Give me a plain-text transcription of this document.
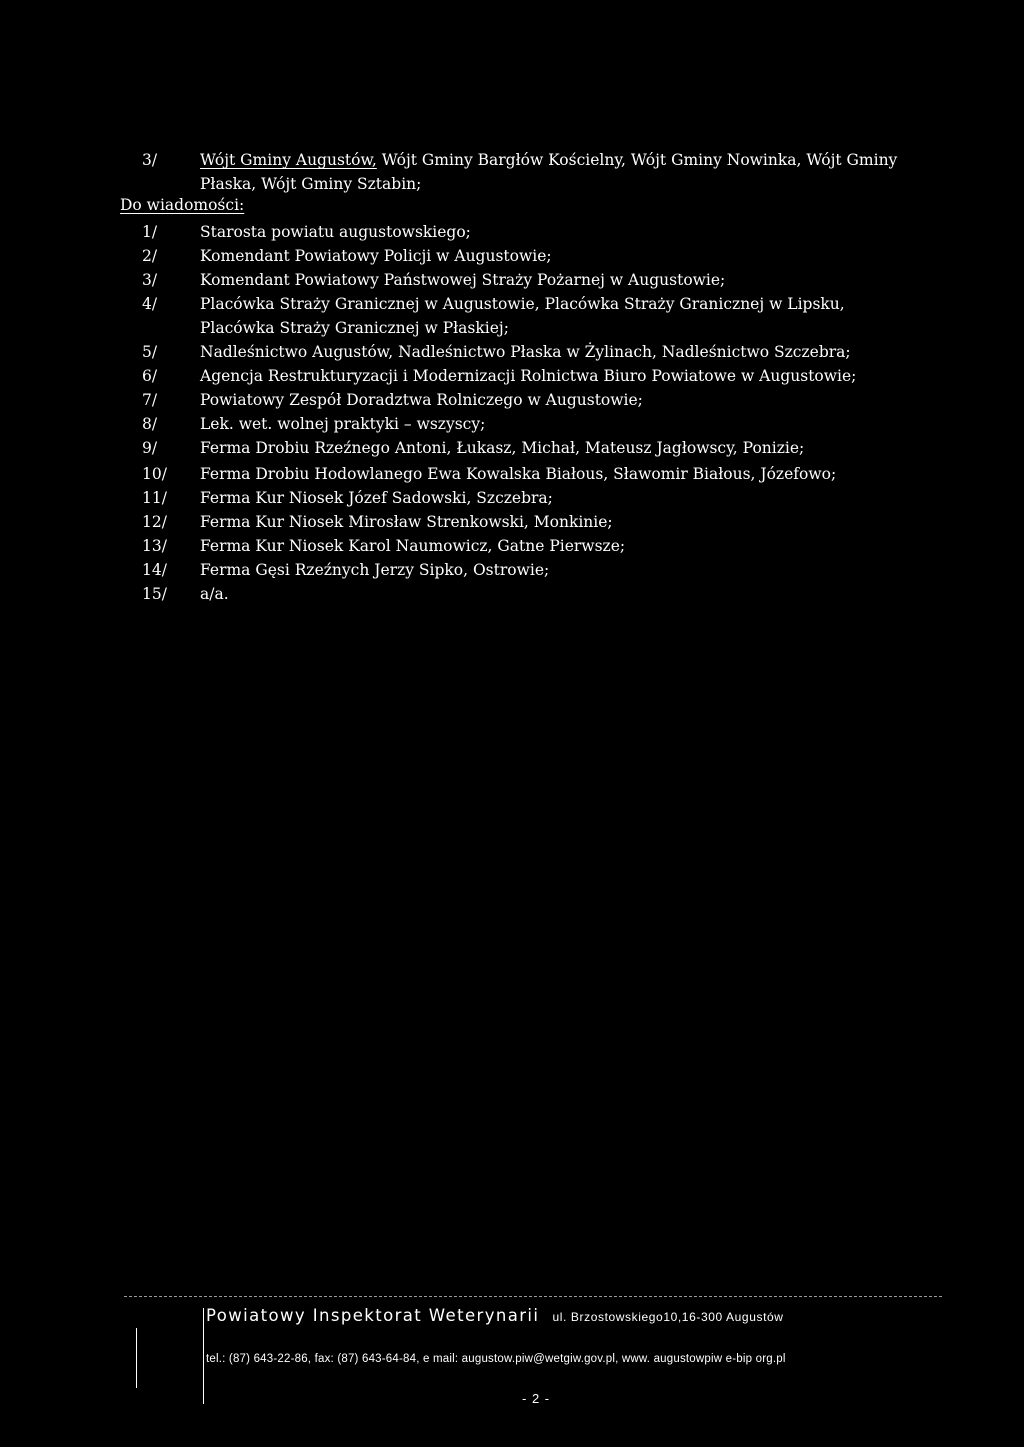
3/	Wójt Gminy Augustów, Wójt Gminy Bargłów Kościelny, Wójt Gminy Nowinka, Wójt Gminy
Płaska, Wójt Gminy Sztabin;
Do wiadomości:
1/	Starosta powiatu augustowskiego;
2/	Komendant Powiatowy Policji w Augustowie;
3/	Komendant Powiatowy Państwowej Straży Pożarnej w Augustowie;
4/	Placówka Straży Granicznej w Augustowie, Placówka Straży Granicznej w Lipsku,
Placówka Straży Granicznej w Płaskiej;
5/	Nadleśnictwo Augustów, Nadleśnictwo Płaska w Żylinach, Nadleśnictwo Szczebra;
6/	Agencja Restrukturyzacji i Modernizacji Rolnictwa Biuro Powiatowe w Augustowie;
7/	Powiatowy Zespół Doradztwa Rolniczego w Augustowie;
8/	Lek. wet. wolnej praktyki – wszyscy;
9/	Ferma Drobiu Rzeźnego Antoni, Łukasz, Michał, Mateusz Jagłowscy, Ponizie;
10/	Ferma Drobiu Hodowlanego Ewa Kowalska Białous, Sławomir Białous, Józefowo;
11/	Ferma Kur Niosek Józef Sadowski, Szczebra;
12/	Ferma Kur Niosek Mirosław Strenkowski, Monkinie;
13/	Ferma Kur Niosek Karol Naumowicz, Gatne Pierwsze;
14/	Ferma Gęsi Rzeźnych Jerzy Sipko, Ostrowie;
15/	a/a.
Powiatowy Inspektorat Weterynarii ul. Brzostowskiego10,16-300 Augustów
tel.: (87) 643-22-86, fax: (87) 643-64-84, e mail: augustow.piw@wetgiw.gov.pl, www. augustowpiw e-bip org.pl
- 2 -
